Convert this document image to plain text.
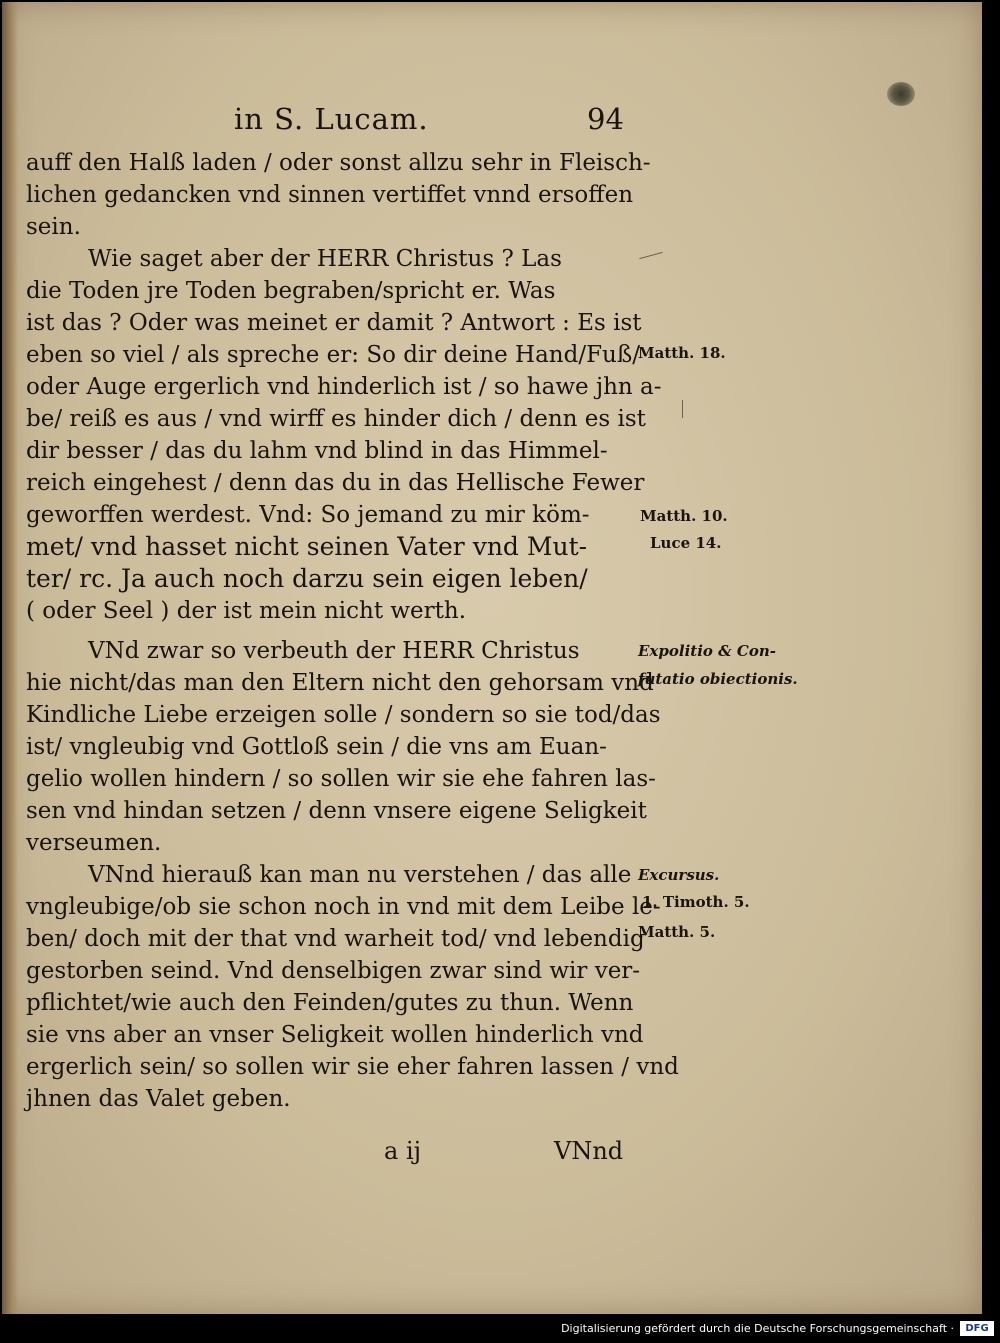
in S. Lucam.	94
auff den Halß laden / oder sonst allzu sehr in Fleisch-
lichen gedancken vnd sinnen vertiffet vnnd ersoffen
sein.
Wie saget aber der HERR Christus ? Las
die Toden jre Toden begraben/spricht er. Was
ist das ? Oder was meinet er damit ? Antwort : Es ist
eben so viel / als spreche er: So dir deine Hand/Fuß/
oder Auge ergerlich vnd hinderlich ist / so hawe jhn a-
be/ reiß es aus / vnd wirff es hinder dich / denn es ist
dir besser / das du lahm vnd blind in das Himmel-
reich eingehest / denn das du in das Hellische Fewer
geworffen werdest. Vnd: So jemand zu mir köm-
met/ vnd hasset nicht seinen Vater vnd Mut-
ter/ rc. Ja auch noch darzu sein eigen leben/
( oder Seel ) der ist mein nicht werth.
VNd zwar so verbeuth der HERR Christus
hie nicht/das man den Eltern nicht den gehorsam vnd
Kindliche Liebe erzeigen solle / sondern so sie tod/das
ist/ vngleubig vnd Gottloß sein / die vns am Euan-
gelio wollen hindern / so sollen wir sie ehe fahren las-
sen vnd hindan setzen / denn vnsere eigene Seligkeit
verseumen.
VNnd hierauß kan man nu verstehen / das alle
vngleubige/ob sie schon noch in vnd mit dem Leibe le-
ben/ doch mit der that vnd warheit tod/ vnd lebendig
gestorben seind. Vnd denselbigen zwar sind wir ver-
pflichtet/wie auch den Feinden/gutes zu thun. Wenn
sie vns aber an vnser Seligkeit wollen hinderlich vnd
ergerlich sein/ so sollen wir sie eher fahren lassen / vnd
jhnen das Valet geben.
Matth. 18.
Matth. 10.
Luce 14.
Expolitio & Con-
futatio obiectionis.
Excursus.
1. Timoth. 5.
Matth. 5.
a ij	VNnd
Digitalisierung gefördert durch die Deutsche Forschungsgemeinschaft ·	DFG
